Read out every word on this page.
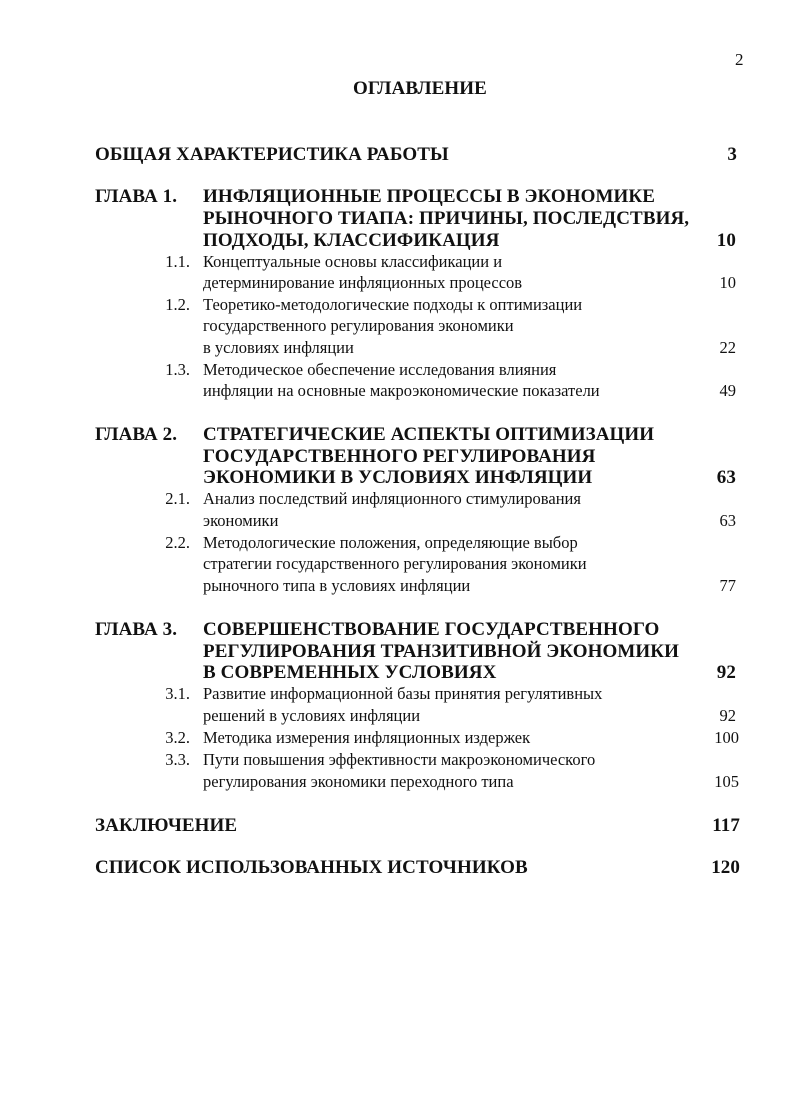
2
ОГЛАВЛЕНИЕ
ОБЩАЯ ХАРАКТЕРИСТИКА РАБОТЫ	3
ГЛАВА 1. ИНФЛЯЦИОННЫЕ ПРОЦЕССЫ В ЭКОНОМИКЕ
РЫНОЧНОГО ТИАПА: ПРИЧИНЫ, ПОСЛЕДСТВИЯ,
ПОДХОДЫ, КЛАССИФИКАЦИЯ	10
1.1. Концептуальные основы классификации и
детерминирование инфляционных процессов	10
1.2. Теоретико-методологические подходы к оптимизации
государственного регулирования экономики
в условиях инфляции	22
1.3. Методическое обеспечение исследования влияния
инфляции на основные макроэкономические показатели	49
ГЛАВА 2. СТРАТЕГИЧЕСКИЕ АСПЕКТЫ ОПТИМИЗАЦИИ
ГОСУДАРСТВЕННОГО РЕГУЛИРОВАНИЯ
ЭКОНОМИКИ В УСЛОВИЯХ ИНФЛЯЦИИ	63
2.1. Анализ последствий инфляционного стимулирования
экономики	63
2.2. Методологические положения, определяющие выбор
стратегии государственного регулирования экономики
рыночного типа в условиях инфляции	77
ГЛАВА 3. СОВЕРШЕНСТВОВАНИЕ ГОСУДАРСТВЕННОГО
РЕГУЛИРОВАНИЯ ТРАНЗИТИВНОЙ ЭКОНОМИКИ
В СОВРЕМЕННЫХ УСЛОВИЯХ	92
3.1. Развитие информационной базы принятия регулятивных
решений в условиях инфляции	92
3.2. Методика измерения инфляционных издержек	100
3.3. Пути повышения эффективности макроэкономического
регулирования экономики переходного типа	105
ЗАКЛЮЧЕНИЕ	117
СПИСОК ИСПОЛЬЗОВАННЫХ ИСТОЧНИКОВ	120
